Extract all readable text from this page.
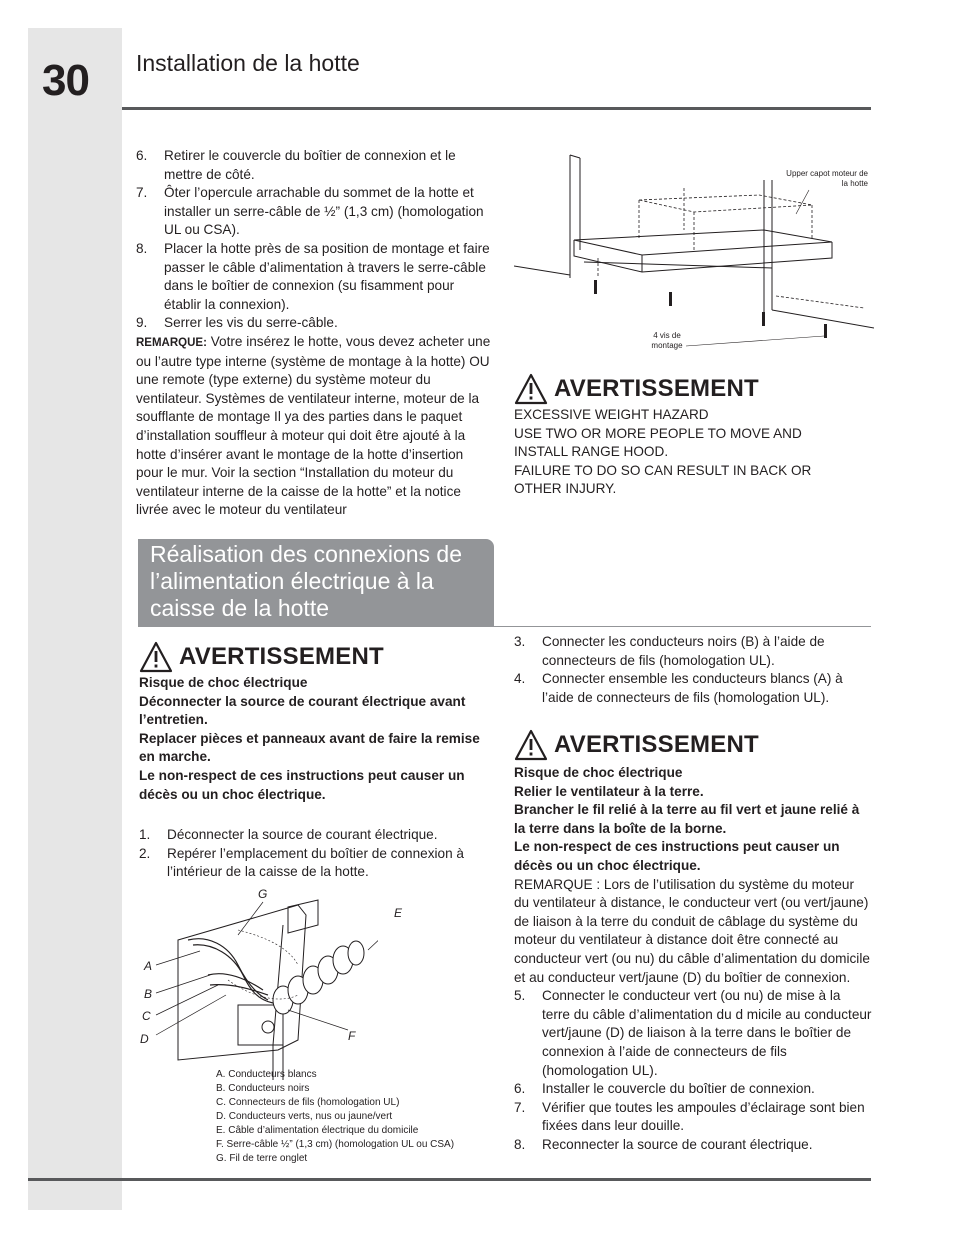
30 Installation de la hotte
6. Retirer le couvercle du boîtier de connexion et le mettre de côté.
7. Ôter l’opercule arrachable du sommet de la hotte et installer un serre-câble de ½” (1,3 cm) (homologation UL ou CSA).
8. Placer la hotte près de sa position de montage et faire passer le câble d’alimentation à travers le serre-câble dans le boîtier de connexion (su fisamment pour établir la connexion).
9. Serrer les vis du serre-câble.
REMARQUE: Votre insérez le hotte, vous devez acheter une ou l’autre type interne (système de montage à la hotte) OU une remote (type externe) du système moteur du ventilateur. Systèmes de ventilateur interne, moteur de la soufflante de montage Il ya des parties dans le paquet d’installation souffleur à moteur qui doit être ajouté à la hotte d’insérer avant le montage de la hotte d’insertion pour le mur. Voir la section “Installation du moteur du ventilateur interne de la caisse de la hotte” et la notice livrée avec le moteur du ventilateur
Upper capot moteur de la hotte
4 vis de montage
AVERTISSEMENT
EXCESSIVE WEIGHT HAZARD
USE TWO OR MORE PEOPLE TO MOVE AND INSTALL RANGE HOOD.
FAILURE TO DO SO CAN RESULT IN BACK OR OTHER INJURY.
Réalisation des connexions de l’alimentation électrique à la caisse de la hotte
AVERTISSEMENT
Risque de choc électrique
Déconnecter la source de courant électrique avant l’entretien.
Replacer pièces et panneaux avant de faire la remise en marche.
Le non-respect de ces instructions peut causer un décès ou un choc électrique.
1. Déconnecter la source de courant électrique.
2. Repérer l’emplacement du boîtier de connexion à l’intérieur de la caisse de la hotte.
G
E
A
B
C
D	F
A. Conducteurs blancs
B. Conducteurs noirs
C. Connecteurs de fils (homologation UL)
D. Conducteurs verts, nus ou jaune/vert
E. Câble d’alimentation électrique du domicile
F. Serre-câble ½” (1,3 cm) (homologation UL ou CSA)
G. Fil de terre onglet
3. Connecter les conducteurs noirs (B) à l’aide de connecteurs de fils (homologation UL).
4. Connecter ensemble les conducteurs blancs (A) à l’aide de connecteurs de fils (homologation UL).
AVERTISSEMENT
Risque de choc électrique
Relier le ventilateur à la terre.
Brancher le fil relié à la terre au fil vert et jaune relié à la terre dans la boîte de la borne.
Le non-respect de ces instructions peut causer un décès ou un choc électrique.
REMARQUE : Lors de l’utilisation du système du moteur du ventilateur à distance, le conducteur vert (ou vert/jaune) de liaison à la terre du conduit de câblage du système du moteur du ventilateur à distance doit être connecté au conducteur vert (ou nu) du câble d’alimentation du domicile et au conducteur vert/jaune (D) du boîtier de connexion.
5. Connecter le conducteur vert (ou nu) de mise à la terre du câble d’alimentation du d micile au conducteur vert/jaune (D) de liaison à la terre dans le boîtier de connexion à l’aide de connecteurs de fils (homologation UL).
6. Installer le couvercle du boîtier de connexion.
7. Vérifier que toutes les ampoules d’éclairage sont bien fixées dans leur douille.
8. Reconnecter la source de courant électrique.
